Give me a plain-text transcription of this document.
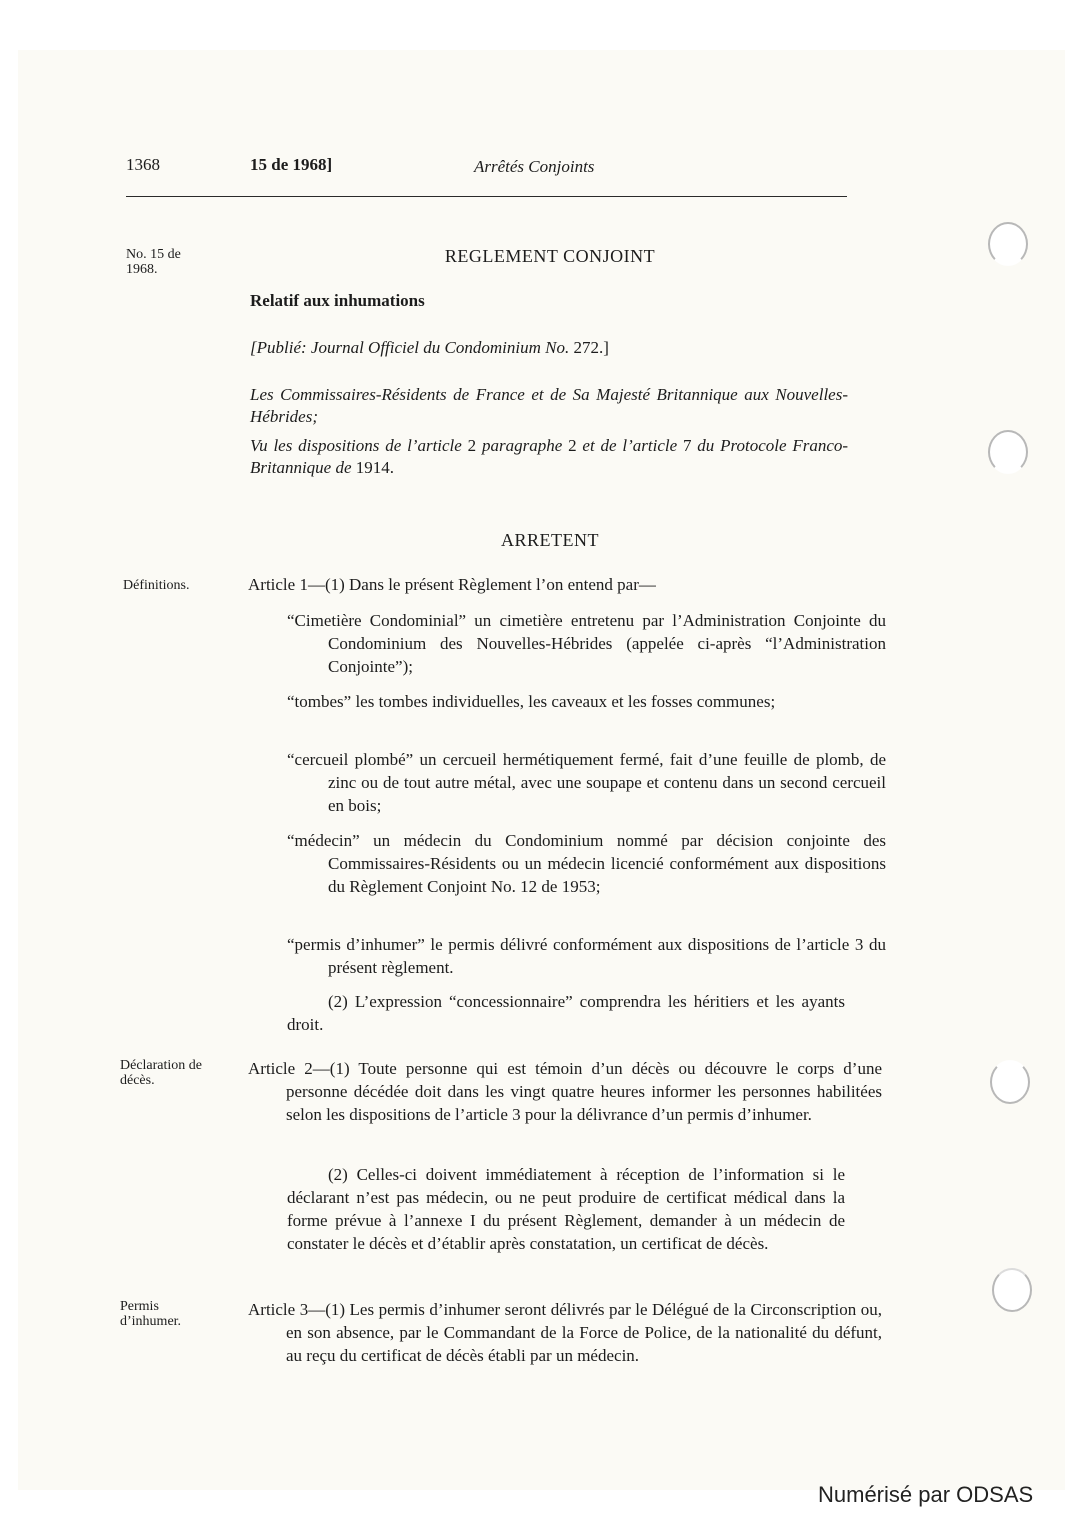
1368	15 de 1968]	Arrêtés Conjoints
No. 15 de 1968.
Définitions.
Déclaration de décès.
Permis d’inhumer.
REGLEMENT CONJOINT
Relatif aux inhumations
[Publié: Journal Officiel du Condominium No. 272.]
Les Commissaires-Résidents de France et de Sa Majesté Britannique aux Nouvelles-Hébrides;
Vu les dispositions de l’article 2 paragraphe 2 et de l’article 7 du Protocole Franco-Britannique de 1914.
ARRETENT
Article 1—(1) Dans le présent Règlement l’on entend par—
“Cimetière Condominial” un cimetière entretenu par l’Administration Conjointe du Condominium des Nouvelles-Hébrides (appelée ci-après “l’Administration Conjointe”);
“tombes” les tombes individuelles, les caveaux et les fosses communes;
“cercueil plombé” un cercueil hermétiquement fermé, fait d’une feuille de plomb, de zinc ou de tout autre métal, avec une soupape et contenu dans un second cercueil en bois;
“médecin” un médecin du Condominium nommé par décision conjointe des Commissaires-Résidents ou un médecin licencié conformément aux dispositions du Règlement Conjoint No. 12 de 1953;
“permis d’inhumer” le permis délivré conformément aux dispositions de l’article 3 du présent règlement.
(2) L’expression “concessionnaire” comprendra les héritiers et les ayants droit.
Article 2—(1) Toute personne qui est témoin d’un décès ou découvre le corps d’une personne décédée doit dans les vingt quatre heures informer les personnes habilitées selon les dispositions de l’article 3 pour la délivrance d’un permis d’inhumer.
(2) Celles-ci doivent immédiatement à réception de l’information si le déclarant n’est pas médecin, ou ne peut produire de certificat médical dans la forme prévue à l’annexe I du présent Règlement, demander à un médecin de constater le décès et d’établir après constatation, un certificat de décès.
Article 3—(1) Les permis d’inhumer seront délivrés par le Délégué de la Circonscription ou, en son absence, par le Commandant de la Force de Police, de la nationalité du défunt, au reçu du certificat de décès établi par un médecin.
Numérisé par ODSAS
